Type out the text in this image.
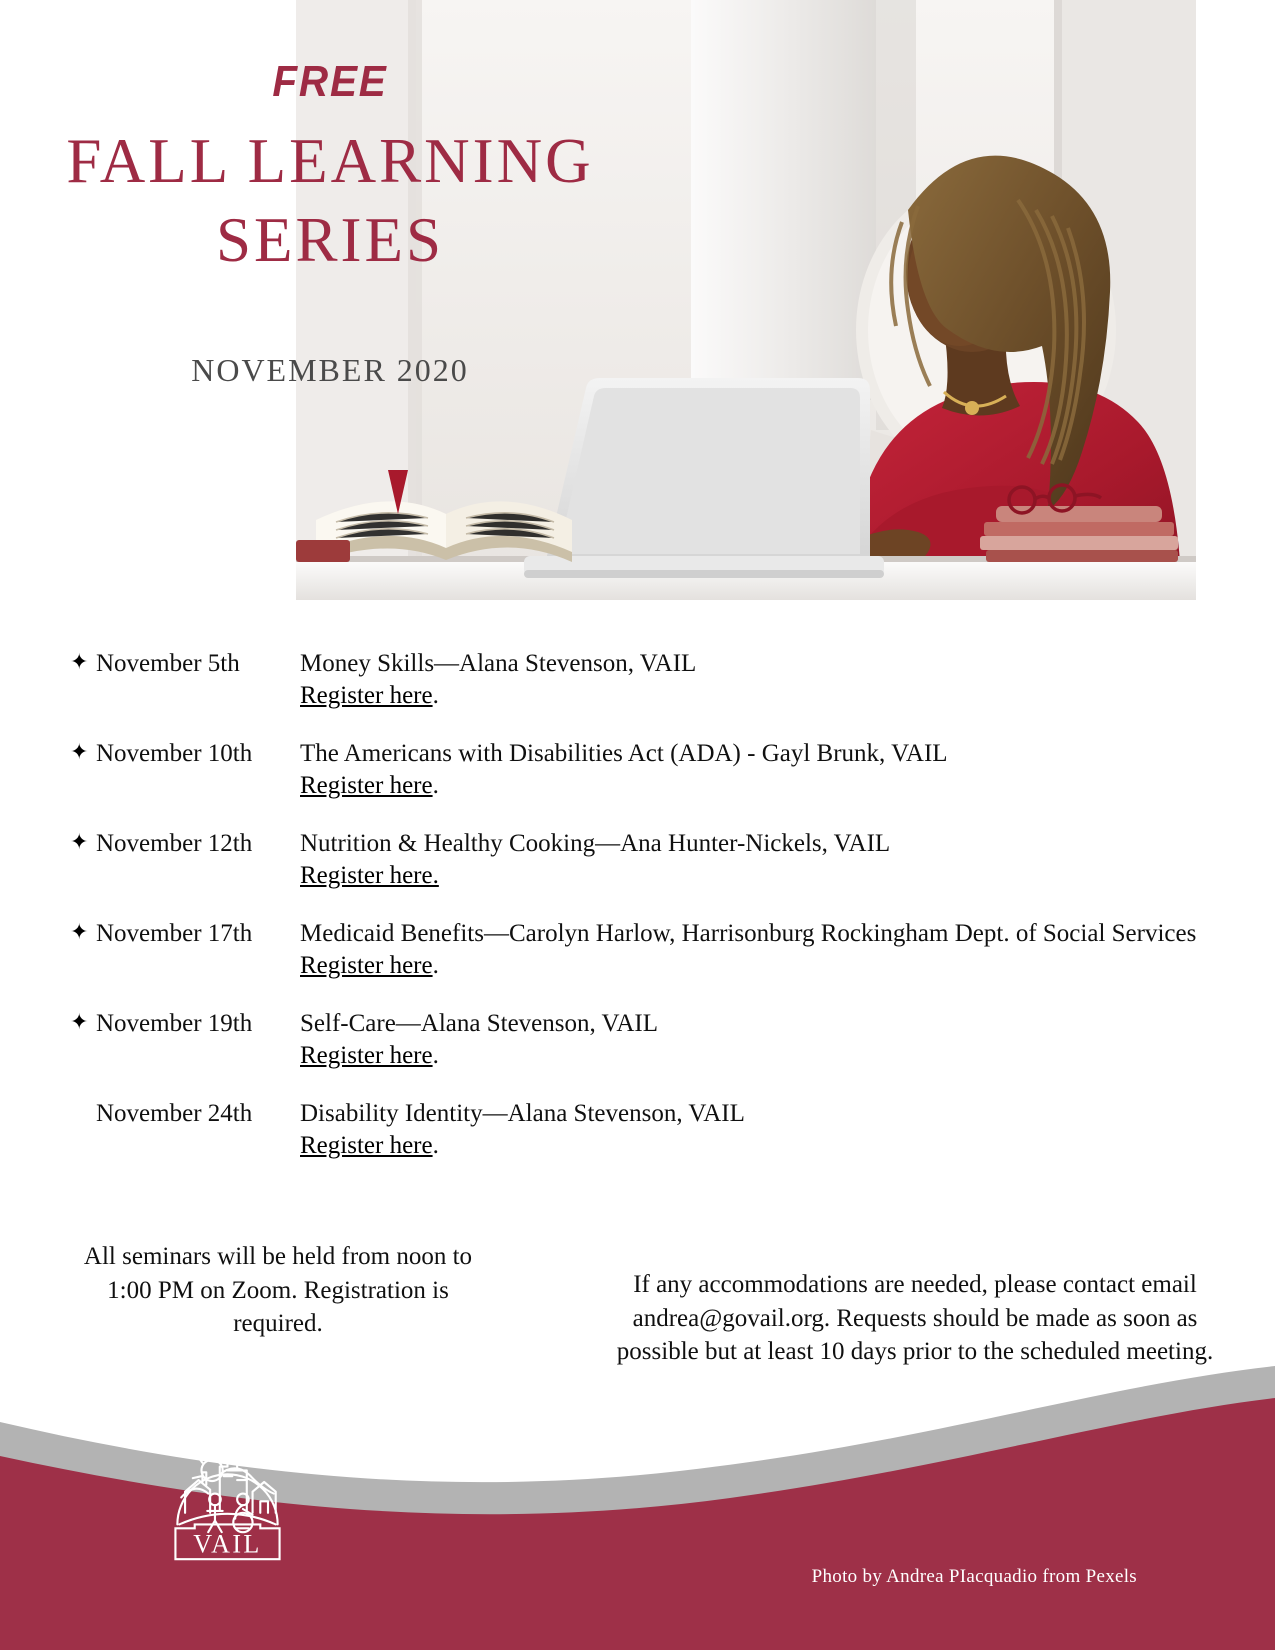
FREE
FALL LEARNING
SERIES
NOVEMBER 2020
✦ November 5th Money Skills—Alana Stevenson, VAIL
Register here.
✦ November 10th The Americans with Disabilities Act (ADA) - Gayl Brunk, VAIL
Register here.
✦ November 12th Nutrition & Healthy Cooking—Ana Hunter-Nickels, VAIL
Register here.
✦ November 17th Medicaid Benefits—Carolyn Harlow, Harrisonburg Rockingham Dept. of Social Services
Register here.
✦ November 19th Self-Care—Alana Stevenson, VAIL
Register here.
November 24th Disability Identity—Alana Stevenson, VAIL
Register here.
All seminars will be held from noon to 1:00 PM on Zoom. Registration is required.
If any accommodations are needed, please contact email andrea@govail.org. Requests should be made as soon as possible but at least 10 days prior to the scheduled meeting.
VAIL
Photo by Andrea PIacquadio from Pexels
